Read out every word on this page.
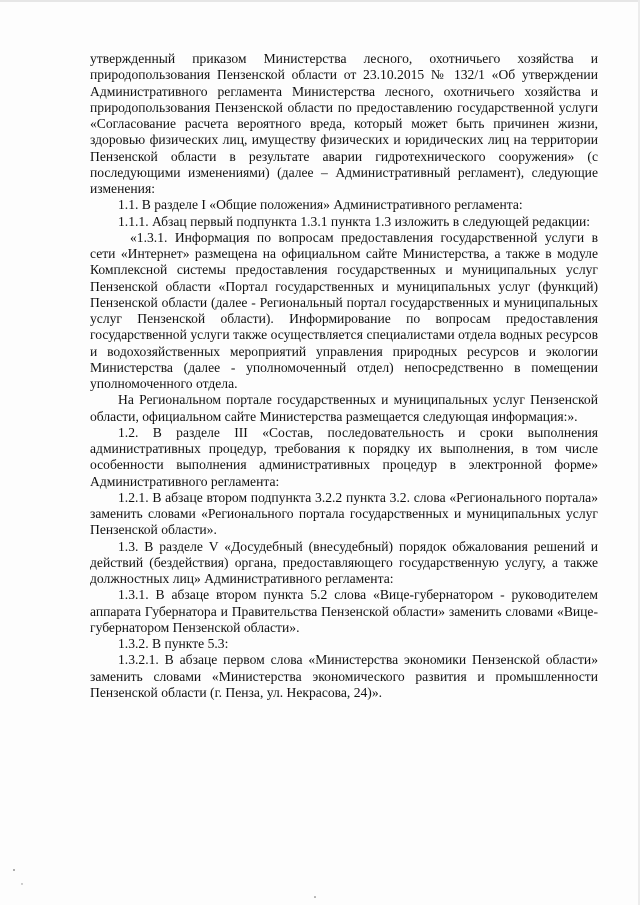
утвержденный приказом Министерства лесного, охотничьего хозяйства и природопользования Пензенской области от 23.10.2015 № 132/1 «Об утверждении Административного регламента Министерства лесного, охотничьего хозяйства и природопользования Пензенской области по предоставлению государственной услуги «Согласование расчета вероятного вреда, который может быть причинен жизни, здоровью физических лиц, имуществу физических и юридических лиц на территории Пензенской области в результате аварии гидротехнического сооружения» (с последующими изменениями) (далее – Административный регламент), следующие изменения:

1.1. В разделе I «Общие положения» Административного регламента:

1.1.1. Абзац первый подпункта 1.3.1 пункта 1.3 изложить в следующей редакции:

«1.3.1. Информация по вопросам предоставления государственной услуги в сети «Интернет» размещена на официальном сайте Министерства, а также в модуле Комплексной системы предоставления государственных и муниципальных услуг Пензенской области «Портал государственных и муниципальных услуг (функций) Пензенской области (далее - Региональный портал государственных и муниципальных услуг Пензенской области). Информирование по вопросам предоставления государственной услуги также осуществляется специалистами отдела водных ресурсов и водохозяйственных мероприятий управления природных ресурсов и экологии Министерства (далее - уполномоченный отдел) непосредственно в помещении уполномоченного отдела.

На Региональном портале государственных и муниципальных услуг Пензенской области, официальном сайте Министерства размещается следующая информация:».

1.2. В разделе III «Состав, последовательность и сроки выполнения административных процедур, требования к порядку их выполнения, в том числе особенности выполнения административных процедур в электронной форме» Административного регламента:

1.2.1. В абзаце втором подпункта 3.2.2 пункта 3.2. слова «Регионального портала» заменить словами «Регионального портала государственных и муниципальных услуг Пензенской области».

1.3. В разделе V «Досудебный (внесудебный) порядок обжалования решений и действий (бездействия) органа, предоставляющего государственную услугу, а также должностных лиц» Административного регламента:

1.3.1. В абзаце втором пункта 5.2 слова «Вице-губернатором - руководителем аппарата Губернатора и Правительства Пензенской области» заменить словами «Вице-губернатором Пензенской области».

1.3.2. В пункте 5.3:

1.3.2.1. В абзаце первом слова «Министерства экономики Пензенской области» заменить словами «Министерства экономического развития и промышленности Пензенской области (г. Пенза, ул. Некрасова, 24)».
